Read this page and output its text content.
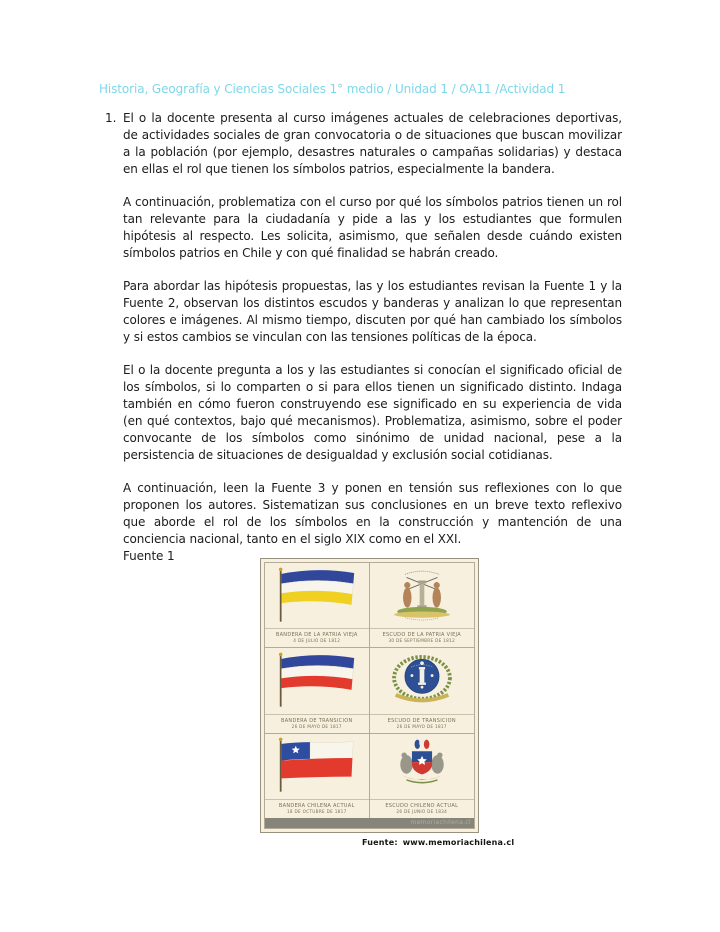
Historia, Geografía y Ciencias Sociales 1° medio / Unidad 1 / OA11 /Actividad 1
1. El o la docente presenta al curso imágenes actuales de celebraciones deportivas, de actividades sociales de gran convocatoria o de situaciones que buscan movilizar a la población (por ejemplo, desastres naturales o campañas solidarias) y destaca en ellas el rol que tienen los símbolos patrios, especialmente la bandera.

A continuación, problematiza con el curso por qué los símbolos patrios tienen un rol tan relevante para la ciudadanía y pide a las y los estudiantes que formulen hipótesis al respecto. Les solicita, asimismo, que señalen desde cuándo existen símbolos patrios en Chile y con qué finalidad se habrán creado.

Para abordar las hipótesis propuestas, las y los estudiantes revisan la Fuente 1 y la Fuente 2, observan los distintos escudos y banderas y analizan lo que representan colores e imágenes. Al mismo tiempo, discuten por qué han cambiado los símbolos y si estos cambios se vinculan con las tensiones políticas de la época.

El o la docente pregunta a los y las estudiantes si conocían el significado oficial de los símbolos, si lo comparten o si para ellos tienen un significado distinto. Indaga también en cómo fueron construyendo ese significado en su experiencia de vida (en qué contextos, bajo qué mecanismos). Problematiza, asimismo, sobre el poder convocante de los símbolos como sinónimo de unidad nacional, pese a la persistencia de situaciones de desigualdad y exclusión social cotidianas.

A continuación, leen la Fuente 3 y ponen en tensión sus reflexiones con lo que proponen los autores. Sistematizan sus conclusiones en un breve texto reflexivo que aborde el rol de los símbolos en la construcción y mantención de una conciencia nacional, tanto en el siglo XIX como en el XXI.

Fuente 1
BANDERA DE LA PATRIA VIEJA
4 DE JULIO DE 1812
ESCUDO DE LA PATRIA VIEJA
30 DE SEPTIEMBRE DE 1812
BANDERA DE TRANSICION
26 DE MAYO DE 1817
ESCUDO DE TRANSICION
26 DE MAYO DE 1817
BANDERA CHILENA ACTUAL
18 DE OCTUBRE DE 1817
ESCUDO CHILENO ACTUAL
26 DE JUNIO DE 1834
memoriachilena.cl
Fuente: www.memoriachilena.cl
